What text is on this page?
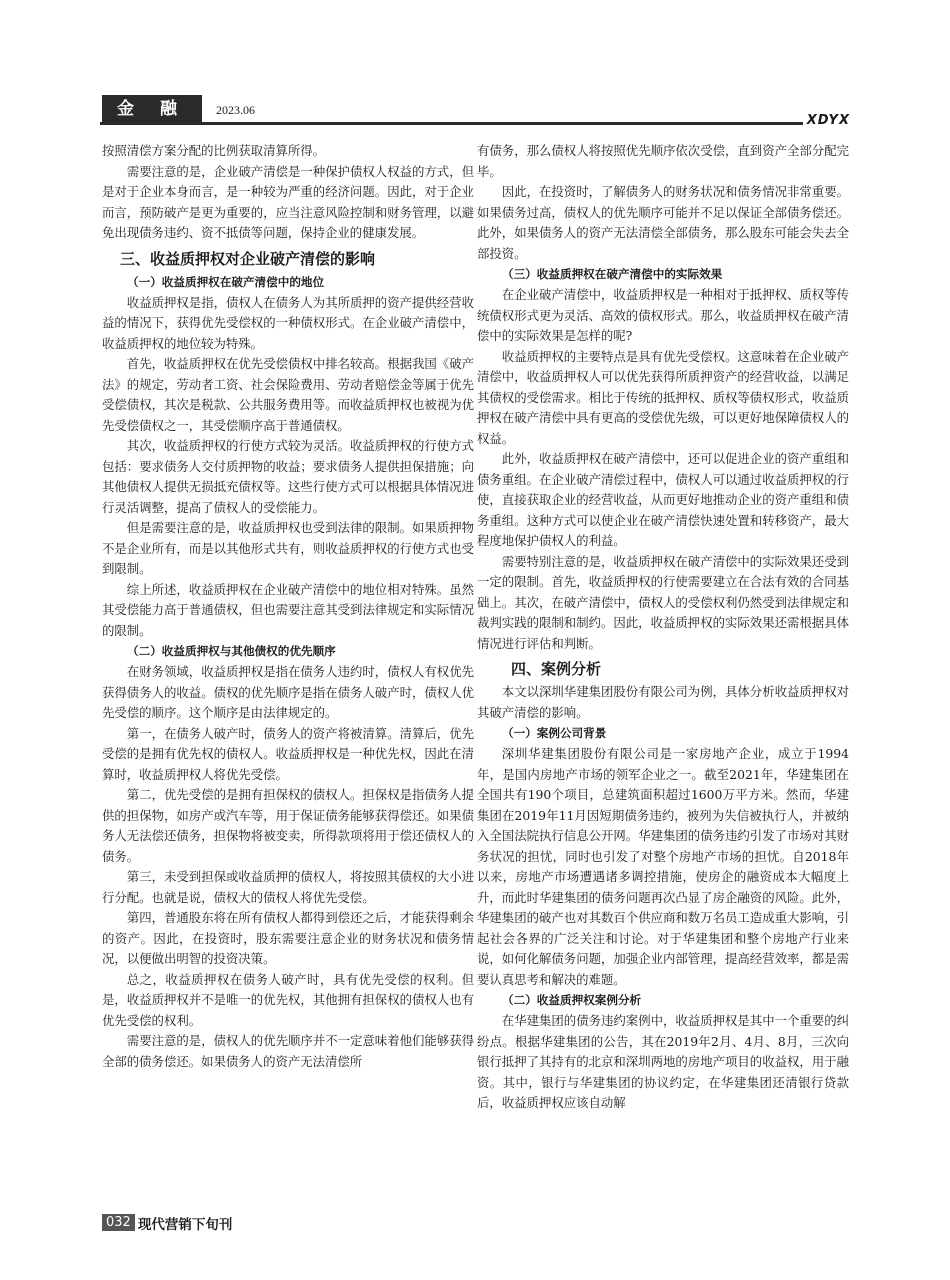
金 融	2023.06
XDYX

按照清偿方案分配的比例获取清算所得。

需要注意的是，企业破产清偿是一种保护债权人权益的方式，但是对于企业本身而言，是一种较为严重的经济问题。因此，对于企业而言，预防破产是更为重要的，应当注意风险控制和财务管理，以避免出现债务违约、资不抵债等问题，保持企业的健康发展。

三、收益质押权对企业破产清偿的影响
（一）收益质押权在破产清偿中的地位

收益质押权是指，债权人在债务人为其所质押的资产提供经营收益的情况下，获得优先受偿权的一种债权形式。在企业破产清偿中，收益质押权的地位较为特殊。

首先，收益质押权在优先受偿债权中排名较高。根据我国《破产法》的规定，劳动者工资、社会保险费用、劳动者赔偿金等属于优先受偿债权，其次是税款、公共服务费用等。而收益质押权也被视为优先受偿债权之一，其受偿顺序高于普通债权。

其次，收益质押权的行使方式较为灵活。收益质押权的行使方式包括：要求债务人交付质押物的收益；要求债务人提供担保措施；向其他债权人提供无损抵充债权等。这些行使方式可以根据具体情况进行灵活调整，提高了债权人的受偿能力。

但是需要注意的是，收益质押权也受到法律的限制。如果质押物不是企业所有，而是以其他形式共有，则收益质押权的行使方式也受到限制。

综上所述，收益质押权在企业破产清偿中的地位相对特殊。虽然其受偿能力高于普通债权，但也需要注意其受到法律规定和实际情况的限制。

（二）收益质押权与其他债权的优先顺序

在财务领域，收益质押权是指在债务人违约时，债权人有权优先获得债务人的收益。债权的优先顺序是指在债务人破产时，债权人优先受偿的顺序。这个顺序是由法律规定的。

第一，在债务人破产时，债务人的资产将被清算。清算后，优先受偿的是拥有优先权的债权人。收益质押权是一种优先权，因此在清算时，收益质押权人将优先受偿。

第二，优先受偿的是拥有担保权的债权人。担保权是指债务人提供的担保物，如房产或汽车等，用于保证债务能够获得偿还。如果债务人无法偿还债务，担保物将被变卖，所得款项将用于偿还债权人的债务。

第三，未受到担保或收益质押的债权人，将按照其债权的大小进行分配。也就是说，债权大的债权人将优先受偿。

第四，普通股东将在所有债权人都得到偿还之后，才能获得剩余的资产。因此，在投资时，股东需要注意企业的财务状况和债务情况，以便做出明智的投资决策。

总之，收益质押权在债务人破产时，具有优先受偿的权利。但是，收益质押权并不是唯一的优先权，其他拥有担保权的债权人也有优先受偿的权利。

需要注意的是，债权人的优先顺序并不一定意味着他们能够获得全部的债务偿还。如果债务人的资产无法清偿所

有债务，那么债权人将按照优先顺序依次受偿，直到资产全部分配完毕。

因此，在投资时，了解债务人的财务状况和债务情况非常重要。如果债务过高，债权人的优先顺序可能并不足以保证全部债务偿还。此外，如果债务人的资产无法清偿全部债务，那么股东可能会失去全部投资。

（三）收益质押权在破产清偿中的实际效果

在企业破产清偿中，收益质押权是一种相对于抵押权、质权等传统债权形式更为灵活、高效的债权形式。那么，收益质押权在破产清偿中的实际效果是怎样的呢?

收益质押权的主要特点是具有优先受偿权。这意味着在企业破产清偿中，收益质押权人可以优先获得所质押资产的经营收益，以满足其债权的受偿需求。相比于传统的抵押权、质权等债权形式，收益质押权在破产清偿中具有更高的受偿优先级，可以更好地保障债权人的权益。

此外，收益质押权在破产清偿中，还可以促进企业的资产重组和债务重组。在企业破产清偿过程中，债权人可以通过收益质押权的行使，直接获取企业的经营收益，从而更好地推动企业的资产重组和债务重组。这种方式可以使企业在破产清偿快速处置和转移资产，最大程度地保护债权人的利益。

需要特别注意的是，收益质押权在破产清偿中的实际效果还受到一定的限制。首先，收益质押权的行使需要建立在合法有效的合同基础上。其次，在破产清偿中，债权人的受偿权利仍然受到法律规定和裁判实践的限制和制约。因此，收益质押权的实际效果还需根据具体情况进行评估和判断。

四、案例分析

本文以深圳华建集团股份有限公司为例，具体分析收益质押权对其破产清偿的影响。

（一）案例公司背景

深圳华建集团股份有限公司是一家房地产企业，成立于1994年，是国内房地产市场的领军企业之一。截至2021年，华建集团在全国共有190个项目，总建筑面积超过1600万平方米。然而，华建集团在2019年11月因短期债务违约，被列为失信被执行人，并被纳入全国法院执行信息公开网。华建集团的债务违约引发了市场对其财务状况的担忧，同时也引发了对整个房地产市场的担忧。自2018年以来，房地产市场遭遇诸多调控措施，使房企的融资成本大幅度上升，而此时华建集团的债务问题再次凸显了房企融资的风险。此外，华建集团的破产也对其数百个供应商和数万名员工造成重大影响，引起社会各界的广泛关注和讨论。对于华建集团和整个房地产行业来说，如何化解债务问题，加强企业内部管理，提高经营效率，都是需要认真思考和解决的难题。

（二）收益质押权案例分析

在华建集团的债务违约案例中，收益质押权是其中一个重要的纠纷点。根据华建集团的公告，其在2019年2月、4月、8月，三次向银行抵押了其持有的北京和深圳两地的房地产项目的收益权，用于融资。其中，银行与华建集团的协议约定，在华建集团还清银行贷款后，收益质押权应该自动解

032 现代营销下旬刊
